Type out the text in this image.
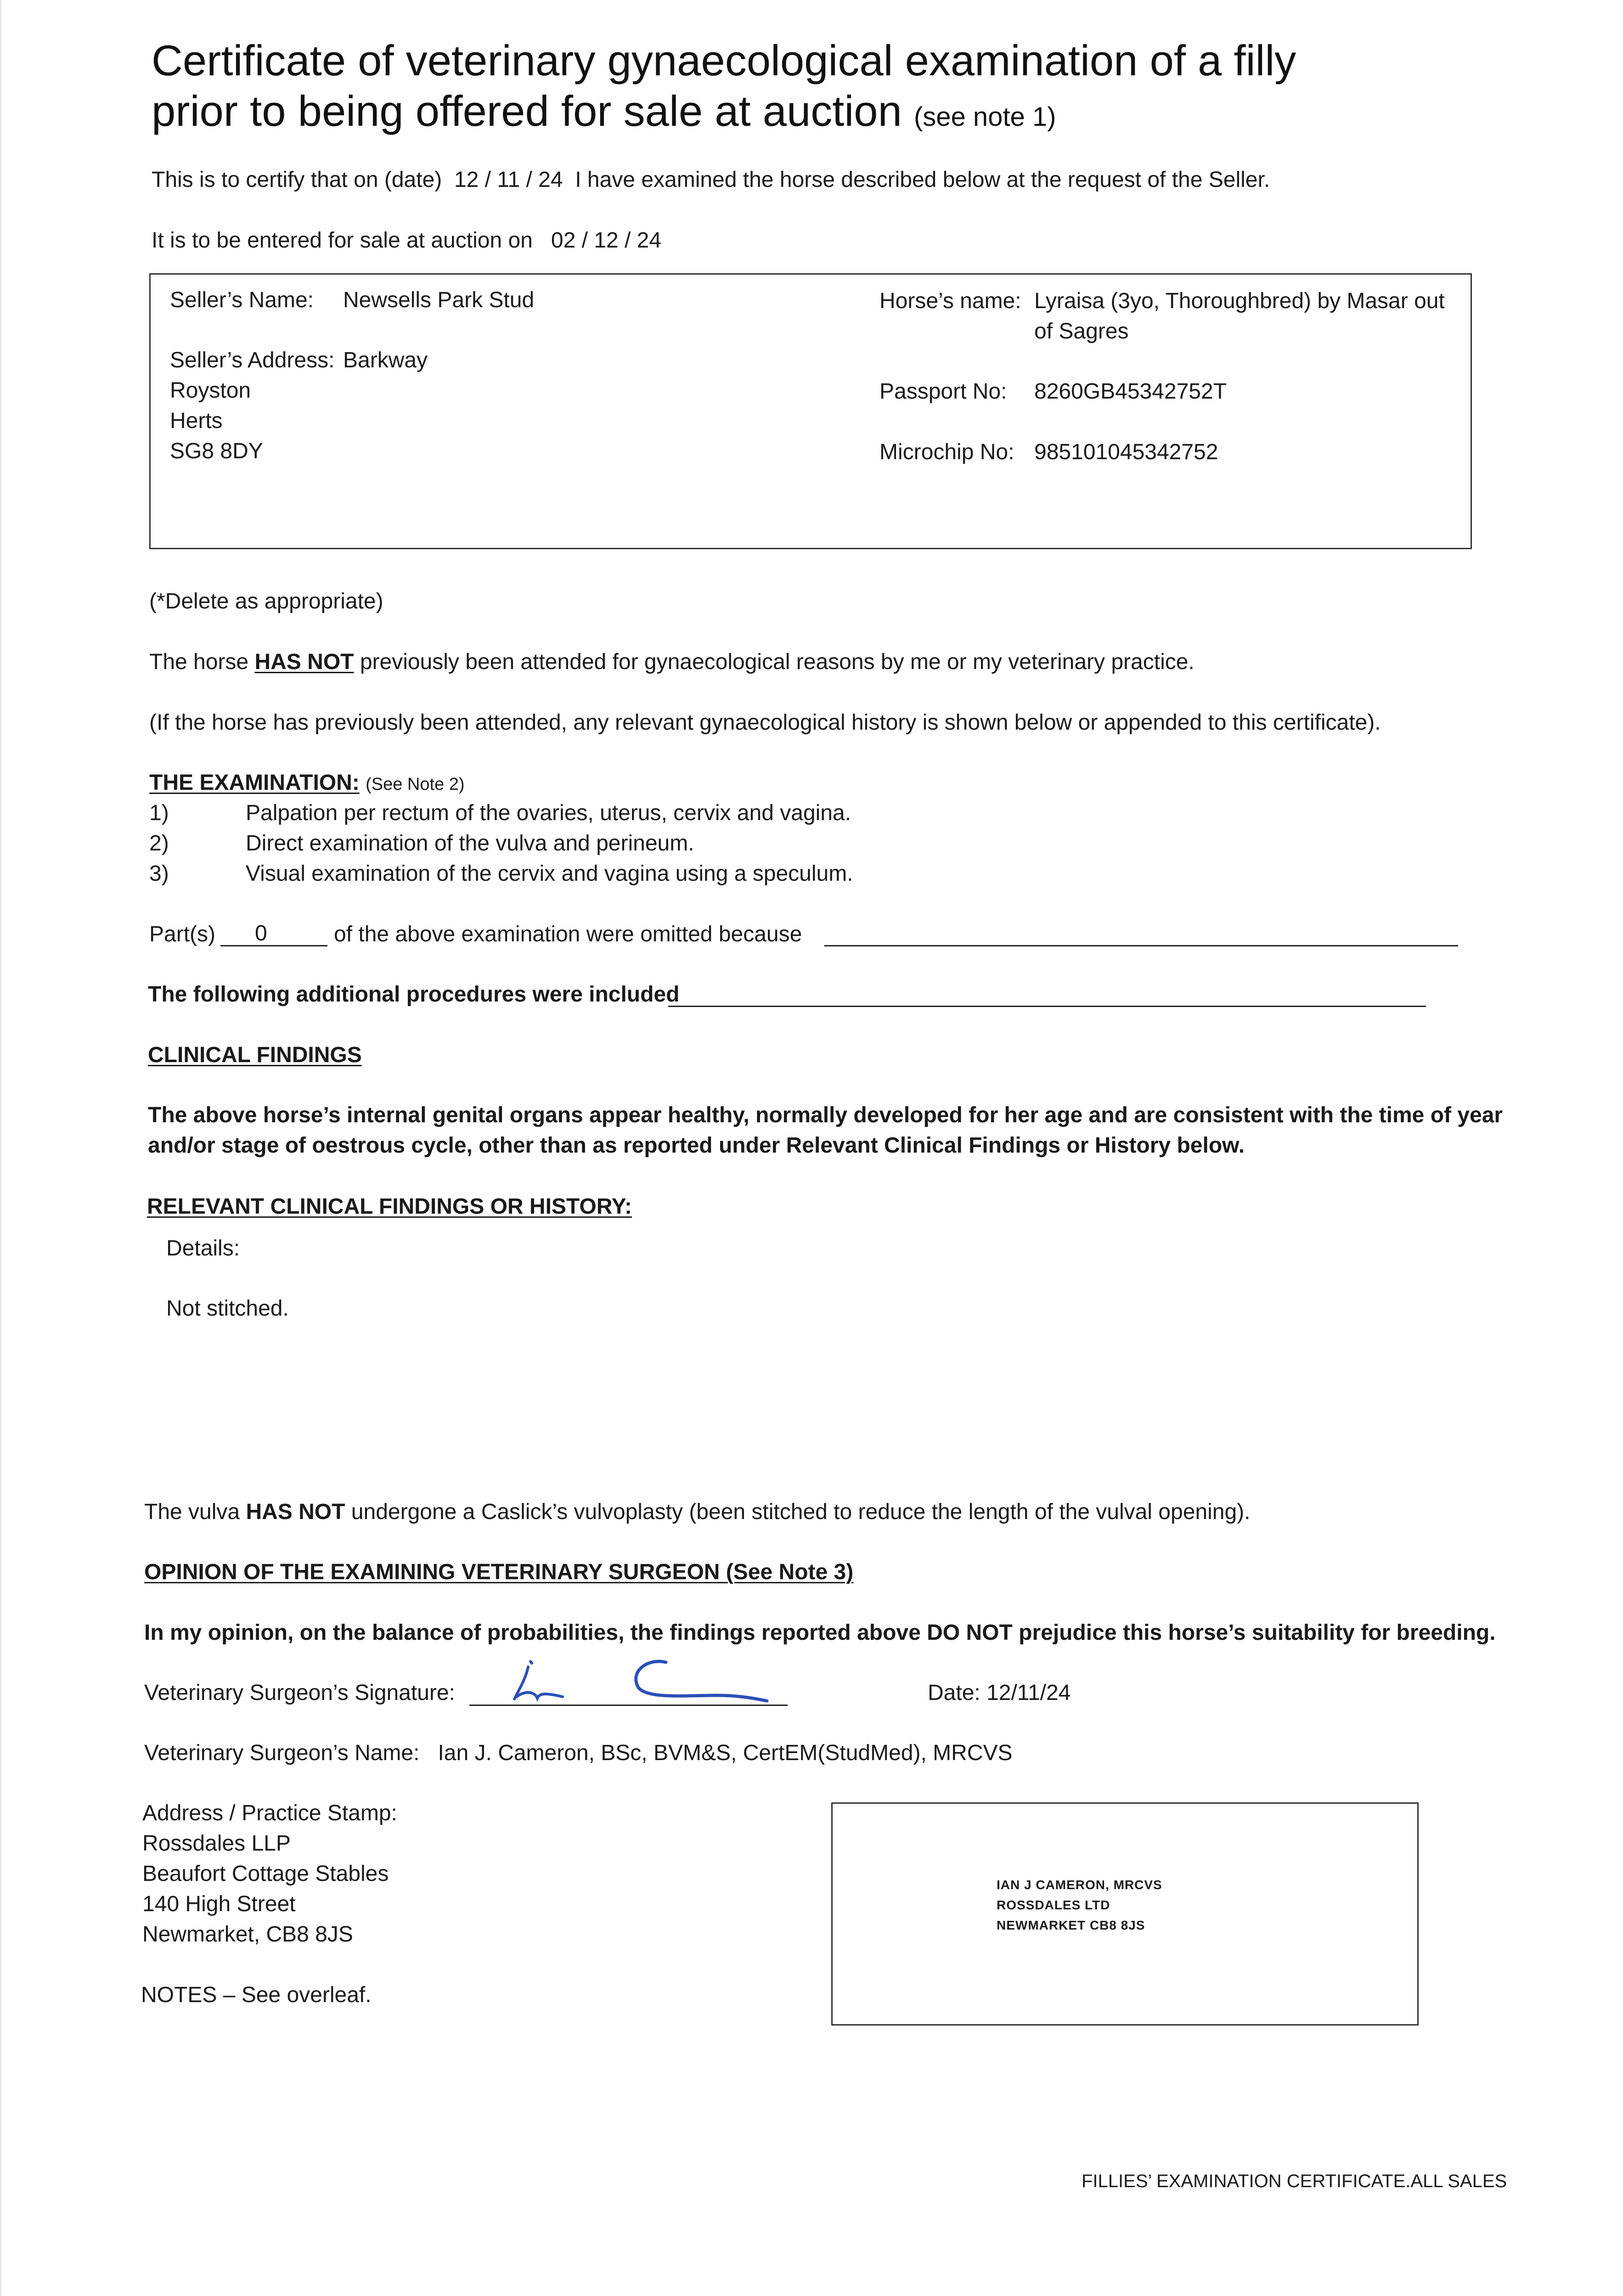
Certificate of veterinary gynaecological examination of a filly
prior to being offered for sale at auction (see note 1)
This is to certify that on (date) 12 / 11 / 24 I have examined the horse described below at the request of the Seller.
It is to be entered for sale at auction on 02 / 12 / 24
Seller’s Name: Newsells Park Stud
Seller’s Address: Barkway
Royston
Herts
SG8 8DY
Horse’s name: Lyraisa (3yo, Thoroughbred) by Masar out
of Sagres
Passport No: 8260GB45342752T
Microchip No: 985101045342752
(*Delete as appropriate)
The horse HAS NOT previously been attended for gynaecological reasons by me or my veterinary practice.
(If the horse has previously been attended, any relevant gynaecological history is shown below or appended to this certificate).
THE EXAMINATION: (See Note 2)
1)	Palpation per rectum of the ovaries, uterus, cervix and vagina.
2)	Direct examination of the vulva and perineum.
3)	Visual examination of the cervix and vagina using a speculum.
Part(s) 0	of the above examination were omitted because
The following additional procedures were included
CLINICAL FINDINGS
The above horse’s internal genital organs appear healthy, normally developed for her age and are consistent with the time of year
and/or stage of oestrous cycle, other than as reported under Relevant Clinical Findings or History below.
RELEVANT CLINICAL FINDINGS OR HISTORY:
Details:
Not stitched.
The vulva HAS NOT undergone a Caslick’s vulvoplasty (been stitched to reduce the length of the vulval opening).
OPINION OF THE EXAMINING VETERINARY SURGEON (See Note 3)
In my opinion, on the balance of probabilities, the findings reported above DO NOT prejudice this horse’s suitability for breeding.
Veterinary Surgeon’s Signature:	Date: 12/11/24
Veterinary Surgeon’s Name: Ian J. Cameron, BSc, BVM&S, CertEM(StudMed), MRCVS
Address / Practice Stamp:
Rossdales LLP
Beaufort Cottage Stables
140 High Street
Newmarket, CB8 8JS
NOTES – See overleaf.
IAN J CAMERON, MRCVS
ROSSDALES LTD
NEWMARKET CB8 8JS
FILLIES’ EXAMINATION CERTIFICATE.ALL SALES
